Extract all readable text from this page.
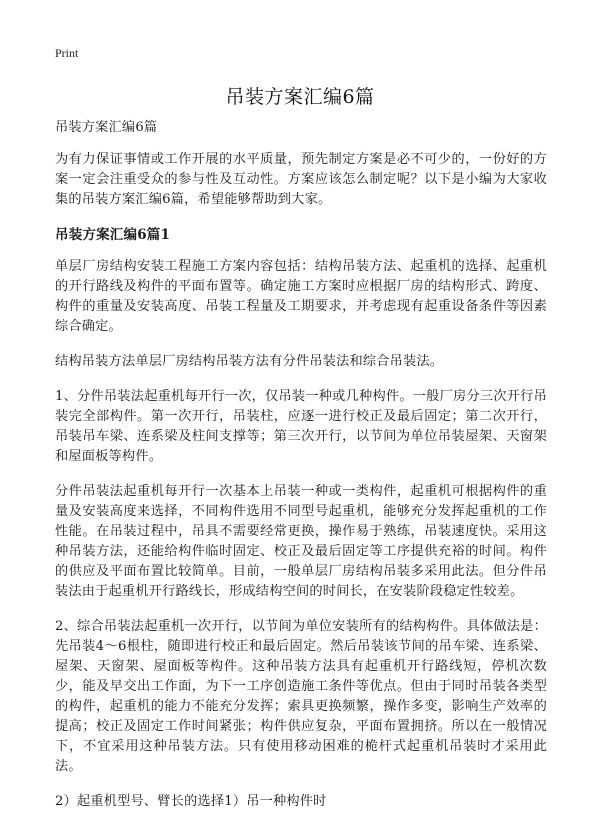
Print
吊装方案汇编6篇

吊装方案汇编6篇

为有力保证事情或工作开展的水平质量，预先制定方案是必不可少的，一份好的方案一定会注重受众的参与性及互动性。方案应该怎么制定呢？以下是小编为大家收集的吊装方案汇编6篇，希望能够帮助到大家。

吊装方案汇编6篇1

单层厂房结构安装工程施工方案内容包括：结构吊装方法、起重机的选择、起重机的开行路线及构件的平面布置等。确定施工方案时应根据厂房的结构形式、跨度、构件的重量及安装高度、吊装工程量及工期要求，并考虑现有起重设备条件等因素综合确定。

结构吊装方法单层厂房结构吊装方法有分件吊装法和综合吊装法。

1、分件吊装法起重机每开行一次，仅吊装一种或几种构件。一般厂房分三次开行吊装完全部构件。第一次开行，吊装柱，应逐一进行校正及最后固定；第二次开行，吊装吊车梁、连系梁及柱间支撑等；第三次开行，以节间为单位吊装屋架、天窗架和屋面板等构件。

分件吊装法起重机每开行一次基本上吊装一种或一类构件，起重机可根据构件的重量及安装高度来选择，不同构件选用不同型号起重机，能够充分发挥起重机的工作性能。在吊装过程中，吊具不需要经常更换，操作易于熟练，吊装速度快。采用这种吊装方法，还能给构件临时固定、校正及最后固定等工序提供充裕的时间。构件的供应及平面布置比较简单。目前，一般单层厂房结构吊装多采用此法。但分件吊装法由于起重机开行路线长，形成结构空间的时间长，在安装阶段稳定性较差。

2、综合吊装法起重机一次开行，以节间为单位安装所有的结构构件。具体做法是：先吊装4～6根柱，随即进行校正和最后固定。然后吊装该节间的吊车梁、连系梁、屋架、天窗架、屋面板等构件。这种吊装方法具有起重机开行路线短，停机次数少，能及早交出工作面，为下一工序创造施工条件等优点。但由于同时吊装各类型的构件，起重机的能力不能充分发挥；索具更换频繁，操作多变，影响生产效率的提高；校正及固定工作时间紧张；构件供应复杂，平面布置拥挤。所以在一般情况下，不宜采用这种吊装方法。只有使用移动困难的桅杆式起重机吊装时才采用此法。

2）起重机型号、臂长的选择1）吊一种构件时
